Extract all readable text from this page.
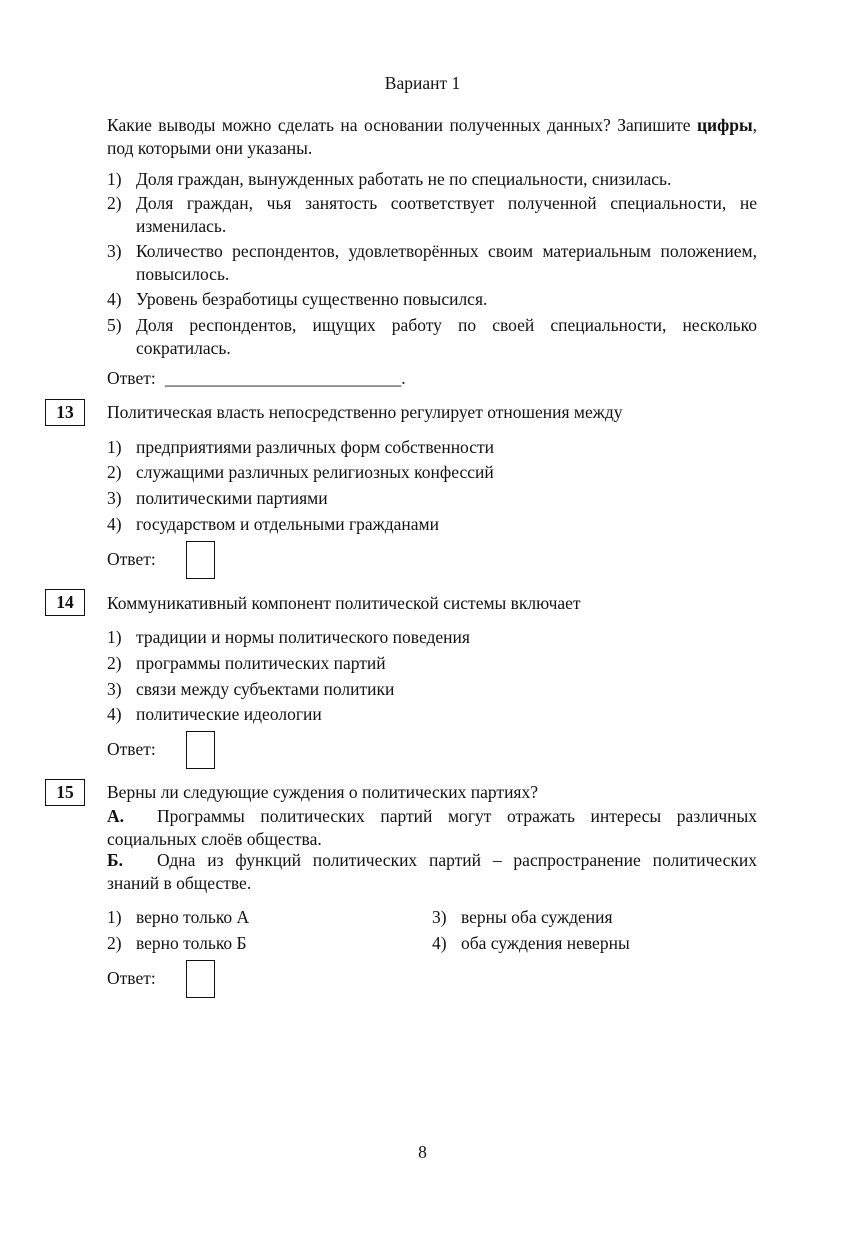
Вариант 1
Какие выводы можно сделать на основании полученных данных? Запишите цифры, под которыми они указаны.
1) Доля граждан, вынужденных работать не по специальности, снизилась.
2) Доля граждан, чья занятость соответствует полученной специальности, не изменилась.
3) Количество респондентов, удовлетворённых своим материальным положением, повысилось.
4) Уровень безработицы существенно повысился.
5) Доля респондентов, ищущих работу по своей специальности, несколько сократилась.
Ответ: ___________________________.
13	Политическая власть непосредственно регулирует отношения между
1) предприятиями различных форм собственности
2) служащими различных религиозных конфессий
3) политическими партиями
4) государством и отдельными гражданами
Ответ:
14	Коммуникативный компонент политической системы включает
1) традиции и нормы политического поведения
2) программы политических партий
3) связи между субъектами политики
4) политические идеологии
Ответ:
15	Верны ли следующие суждения о политических партиях?
А. Программы политических партий могут отражать интересы различных социальных слоёв общества.
Б. Одна из функций политических партий – распространение политических знаний в обществе.
1) верно только А
2) верно только Б
3) верны оба суждения
4) оба суждения неверны
Ответ:
8
